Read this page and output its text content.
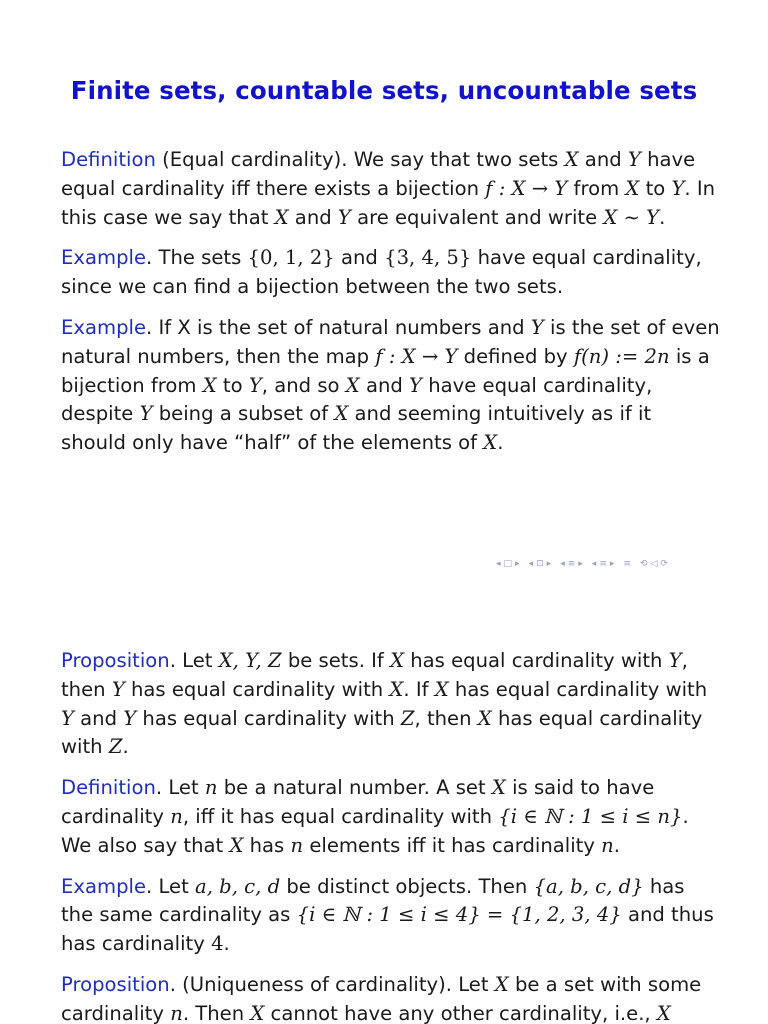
Finite sets, countable sets, uncountable sets
Definition (Equal cardinality). We say that two sets X and Y have equal cardinality iff there exists a bijection f : X → Y from X to Y. In this case we say that X and Y are equivalent and write X ∼ Y.
Example. The sets {0, 1, 2} and {3, 4, 5} have equal cardinality, since we can find a bijection between the two sets.
Example. If X is the set of natural numbers and Y is the set of even natural numbers, then the map f : X → Y defined by f(n) := 2n is a bijection from X to Y, and so X and Y have equal cardinality, despite Y being a subset of X and seeming intuitively as if it should only have “half” of the elements of X.
◂ □ ▸ ◂ ⊡ ▸ ◂ ≡ ▸ ◂ ≡ ▸ ≡ ⟲ ◁ ⟳
Proposition. Let X, Y, Z be sets. If X has equal cardinality with Y, then Y has equal cardinality with X. If X has equal cardinality with Y and Y has equal cardinality with Z, then X has equal cardinality with Z.
Definition. Let n be a natural number. A set X is said to have cardinality n, iff it has equal cardinality with {i ∈ ℕ : 1 ≤ i ≤ n}. We also say that X has n elements iff it has cardinality n.
Example. Let a, b, c, d be distinct objects. Then {a, b, c, d} has the same cardinality as {i ∈ ℕ : 1 ≤ i ≤ 4} = {1, 2, 3, 4} and thus has cardinality 4.
Proposition. (Uniqueness of cardinality). Let X be a set with some cardinality n. Then X cannot have any other cardinality, i.e., X
